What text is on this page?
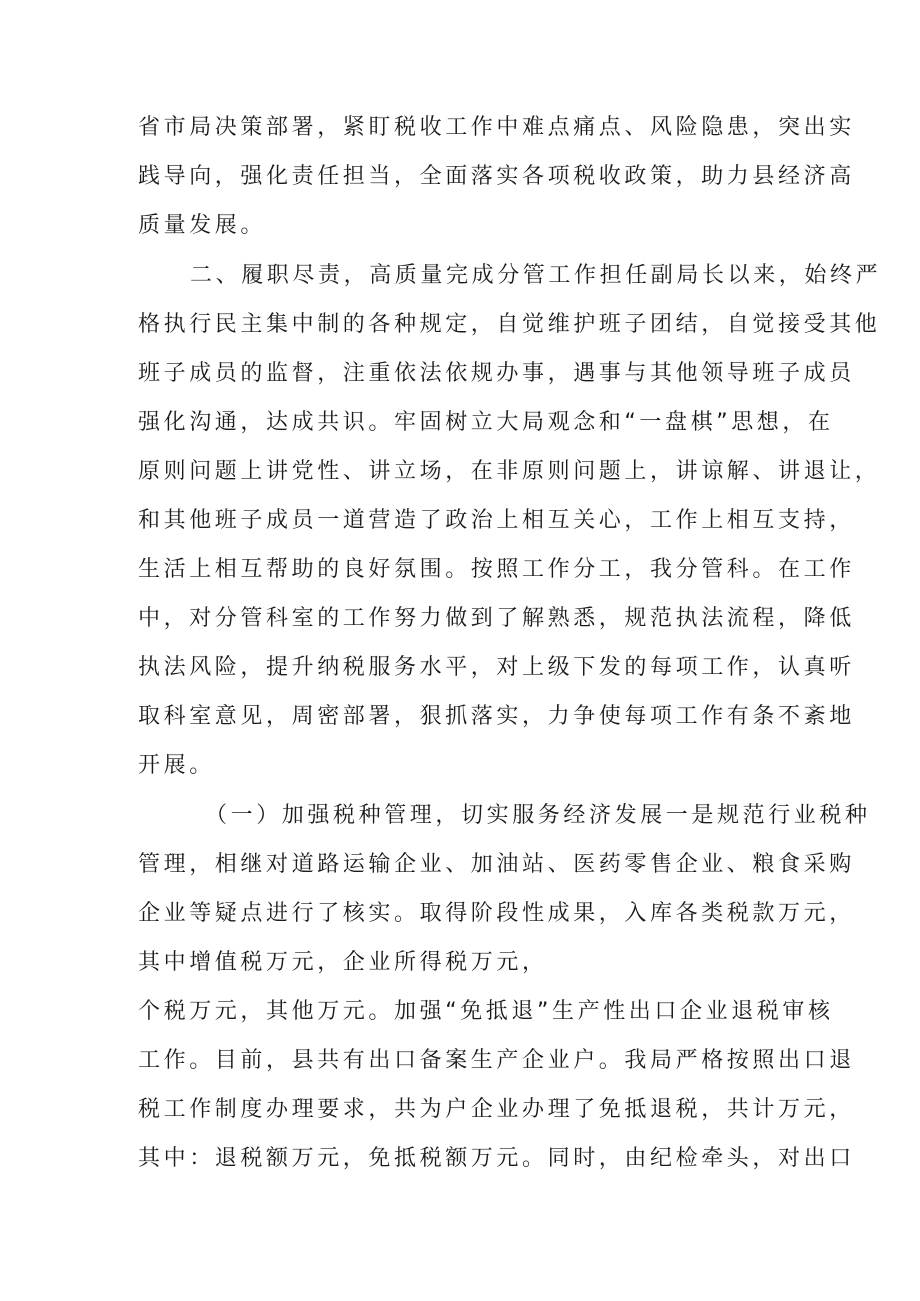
省市局决策部署，紧盯税收工作中难点痛点、风险隐患，突出实
践导向，强化责任担当，全面落实各项税收政策，助力县经济高
质量发展。
二、履职尽责，高质量完成分管工作担任副局长以来，始终严
格执行民主集中制的各种规定，自觉维护班子团结，自觉接受其他
班子成员的监督，注重依法依规办事，遇事与其他领导班子成员
强化沟通，达成共识。牢固树立大局观念和“一盘棋”思想，在
原则问题上讲党性、讲立场，在非原则问题上，讲谅解、讲退让，
和其他班子成员一道营造了政治上相互关心，工作上相互支持，
生活上相互帮助的良好氛围。按照工作分工，我分管科。在工作
中，对分管科室的工作努力做到了解熟悉，规范执法流程，降低
执法风险，提升纳税服务水平，对上级下发的每项工作，认真听
取科室意见，周密部署，狠抓落实，力争使每项工作有条不紊地
开展。
（一）加强税种管理，切实服务经济发展一是规范行业税种
管理，相继对道路运输企业、加油站、医药零售企业、粮食采购
企业等疑点进行了核实。取得阶段性成果，入库各类税款万元，
其中增值税万元，企业所得税万元，
个税万元，其他万元。加强“免抵退”生产性出口企业退税审核
工作。目前，县共有出口备案生产企业户。我局严格按照出口退
税工作制度办理要求，共为户企业办理了免抵退税，共计万元，
其中：退税额万元，免抵税额万元。同时，由纪检牵头，对出口
